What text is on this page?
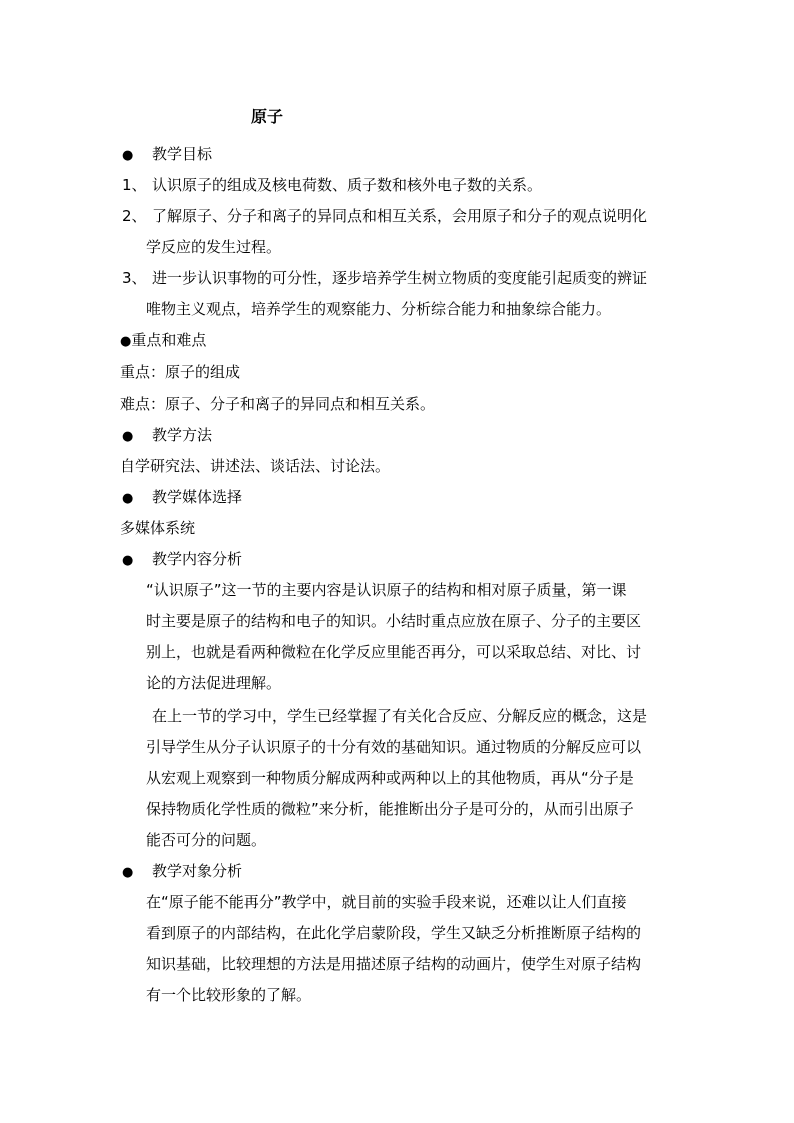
原子
● 教学目标
1、 认识原子的组成及核电荷数、质子数和核外电子数的关系。
2、 了解原子、分子和离子的异同点和相互关系，会用原子和分子的观点说明化
学反应的发生过程。
3、 进一步认识事物的可分性，逐步培养学生树立物质的变度能引起质变的辨证
唯物主义观点，培养学生的观察能力、分析综合能力和抽象综合能力。
●重点和难点
重点：原子的组成
难点：原子、分子和离子的异同点和相互关系。
● 教学方法
自学研究法、讲述法、谈话法、讨论法。
● 教学媒体选择
多媒体系统
● 教学内容分析
“认识原子”这一节的主要内容是认识原子的结构和相对原子质量，第一课
时主要是原子的结构和电子的知识。小结时重点应放在原子、分子的主要区
别上，也就是看两种微粒在化学反应里能否再分，可以采取总结、对比、讨
论的方法促进理解。
在上一节的学习中，学生已经掌握了有关化合反应、分解反应的概念，这是
引导学生从分子认识原子的十分有效的基础知识。通过物质的分解反应可以
从宏观上观察到一种物质分解成两种或两种以上的其他物质，再从“分子是
保持物质化学性质的微粒”来分析，能推断出分子是可分的，从而引出原子
能否可分的问题。
● 教学对象分析
在“原子能不能再分”教学中，就目前的实验手段来说，还难以让人们直接
看到原子的内部结构，在此化学启蒙阶段，学生又缺乏分析推断原子结构的
知识基础，比较理想的方法是用描述原子结构的动画片，使学生对原子结构
有一个比较形象的了解。
